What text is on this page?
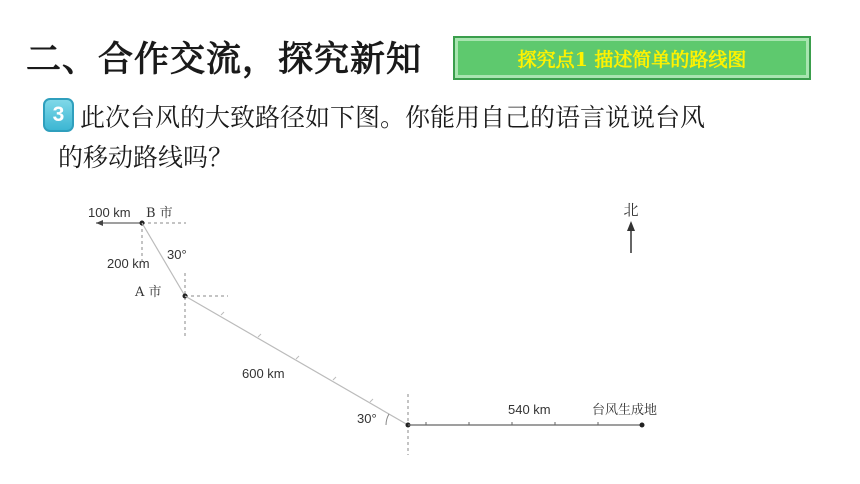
二、合作交流，探究新知	探究点1 描述简单的路线图
3 此次台风的大致路径如下图。你能用自己的语言说说台风
的移动路线吗？
北
100 km B 市
200 km
30°
A 市
600 km
30°
540 km	台风生成地
